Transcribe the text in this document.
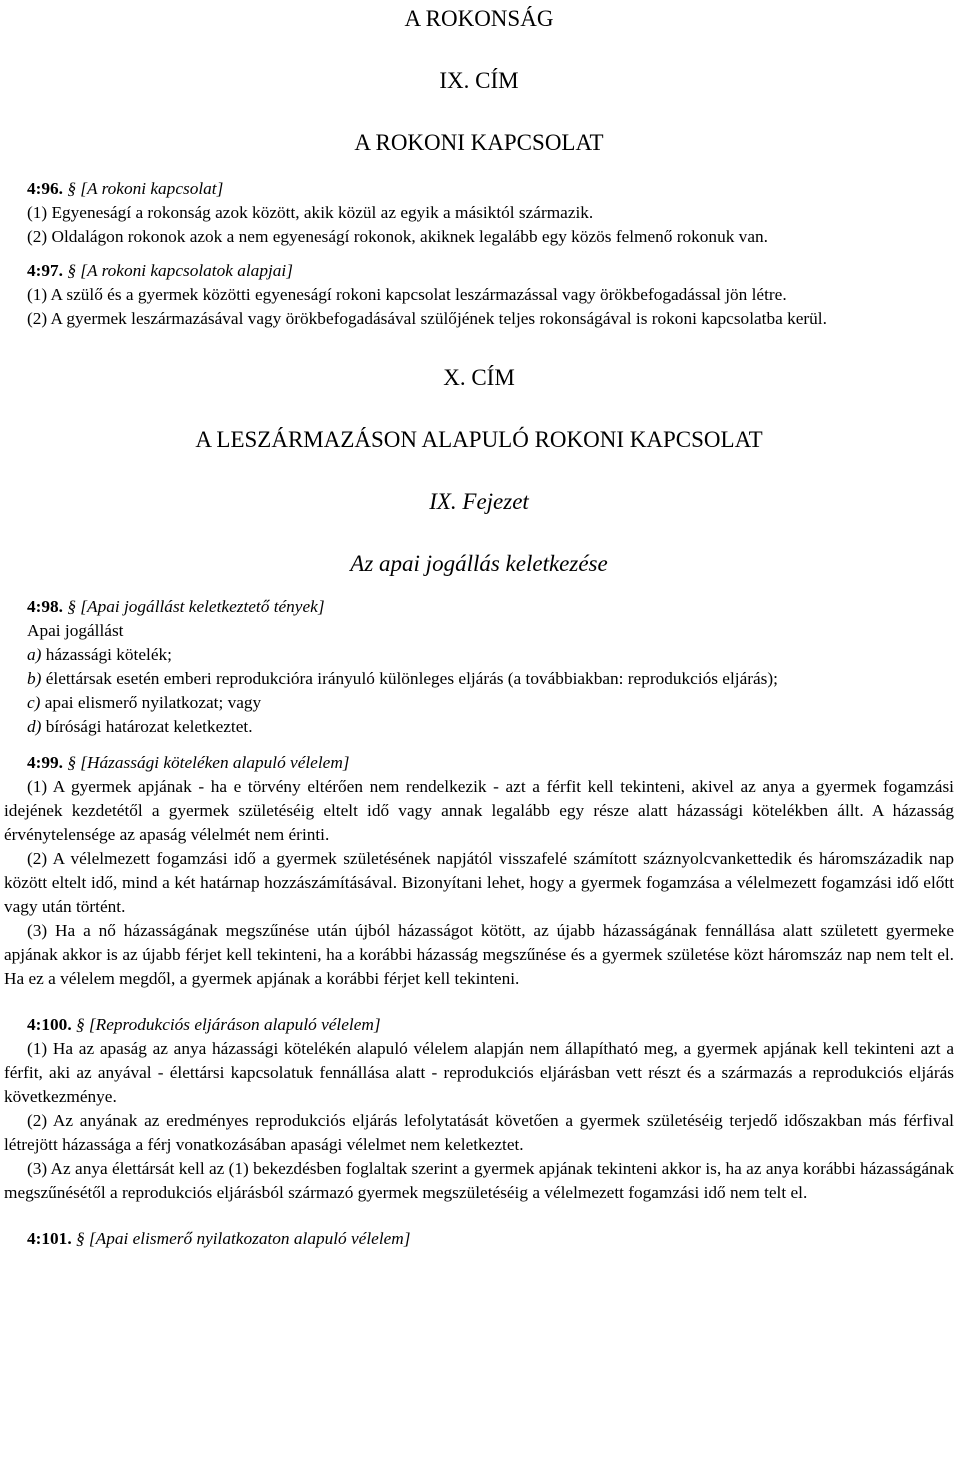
A ROKONSÁG
IX. CÍM
A ROKONI KAPCSOLAT

4:96. § [A rokoni kapcsolat]

(1) Egyeneságí a rokonság azok között, akik közül az egyik a másiktól származik.

(2) Oldalágon rokonok azok a nem egyeneságí rokonok, akiknek legalább egy közös felmenő rokonuk van.

4:97. § [A rokoni kapcsolatok alapjai]

(1) A szülő és a gyermek közötti egyeneságí rokoni kapcsolat leszármazással vagy örökbefogadással jön létre.

(2) A gyermek leszármazásával vagy örökbefogadásával szülőjének teljes rokonságával is rokoni kapcsolatba kerül.

X. CÍM
A LESZÁRMAZÁSON ALAPULÓ ROKONI KAPCSOLAT
IX. Fejezet
Az apai jogállás keletkezése

4:98. § [Apai jogállást keletkeztető tények]

Apai jogállást

a) házassági kötelék;

b) élettársak esetén emberi reprodukcióra irányuló különleges eljárás (a továbbiakban: reprodukciós eljárás);

c) apai elismerő nyilatkozat; vagy

d) bírósági határozat keletkeztet.

4:99. § [Házassági köteléken alapuló vélelem]

(1) A gyermek apjának - ha e törvény eltérően nem rendelkezik - azt a férfit kell tekinteni, akivel az anya a gyermek fogamzási idejének kezdetétől a gyermek születéséig eltelt idő vagy annak legalább egy része alatt házassági kötelékben állt. A házasság érvénytelensége az apaság vélelmét nem érinti.

(2) A vélelmezett fogamzási idő a gyermek születésének napjától visszafelé számított száznyolcvankettedik és háromszázadik nap között eltelt idő, mind a két határnap hozzászámításával. Bizonyítani lehet, hogy a gyermek fogamzása a vélelmezett fogamzási idő előtt vagy után történt.

(3) Ha a nő házasságának megszűnése után újból házasságot kötött, az újabb házasságának fennállása alatt született gyermeke apjának akkor is az újabb férjet kell tekinteni, ha a korábbi házasság megszűnése és a gyermek születése közt háromszáz nap nem telt el. Ha ez a vélelem megdől, a gyermek apjának a korábbi férjet kell tekinteni.

4:100. § [Reprodukciós eljáráson alapuló vélelem]

(1) Ha az apaság az anya házassági kötelékén alapuló vélelem alapján nem állapítható meg, a gyermek apjának kell tekinteni azt a férfit, aki az anyával - élettársi kapcsolatuk fennállása alatt - reprodukciós eljárásban vett részt és a származás a reprodukciós eljárás következménye.

(2) Az anyának az eredményes reprodukciós eljárás lefolytatását követően a gyermek születéséig terjedő időszakban más férfival létrejött házassága a férj vonatkozásában apasági vélelmet nem keletkeztet.

(3) Az anya élettársát kell az (1) bekezdésben foglaltak szerint a gyermek apjának tekinteni akkor is, ha az anya korábbi házasságának megszűnésétől a reprodukciós eljárásból származó gyermek megszületéséig a vélelmezett fogamzási idő nem telt el.

4:101. § [Apai elismerő nyilatkozaton alapuló vélelem]
